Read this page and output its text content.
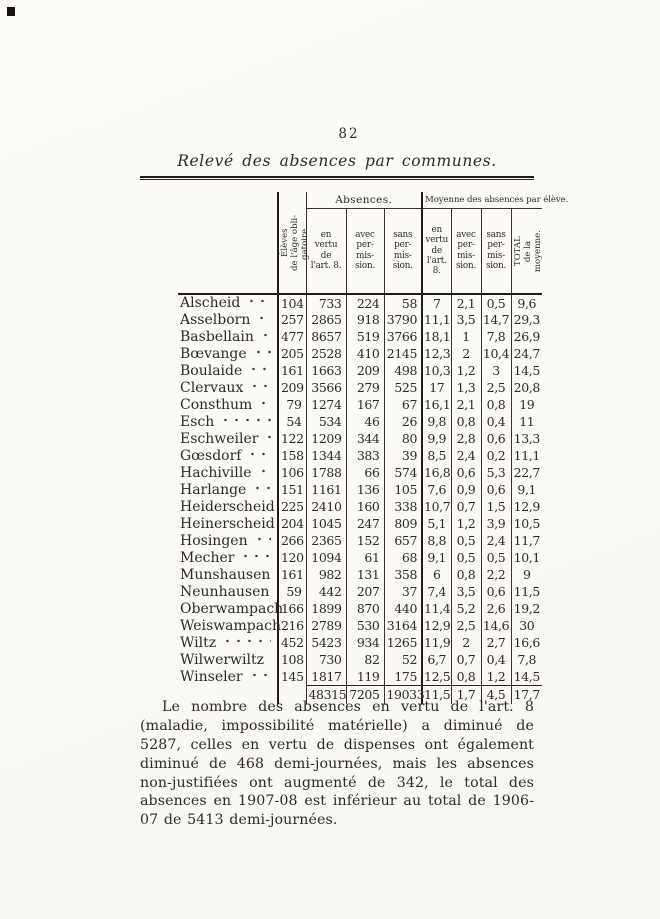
82
Relevé des absences par communes.

	Élèves
de l'âge obli-
gatoire.	Absences.			Moyenne des absences par élève.			
		en
vertu
de
l'art. 8.	avec
per-
mis-
sion.	sans
per-
mis-
sion.	en
vertu
de
l'art. 8.	avec
per-
mis-
sion.	sans
per-
mis-
sion.	TOTAL
de la
moyenne.

Alscheid	104	733	224	58	7	2,1	0,5	9,6

Asselborn	257	2865	918	3790	11,1	3,5	14,7	29,3

Basbellain	477	8657	519	3766	18,1	1	7,8	26,9

Bœvange	205	2528	410	2145	12,3	2	10,4	24,7

Boulaide	161	1663	209	498	10,3	1,2	3	14,5

Clervaux	209	3566	279	525	17	1,3	2,5	20,8

Consthum	79	1274	167	67	16,1	2,1	0,8	19

Esch	54	534	46	26	9,8	0,8	0,4	11

Eschweiler	122	1209	344	80	9,9	2,8	0,6	13,3

Gœsdorf	158	1344	383	39	8,5	2,4	0,2	11,1

Hachiville	106	1788	66	574	16,8	0,6	5,3	22,7

Harlange	151	1161	136	105	7,6	0,9	0,6	9,1

Heiderscheid	225	2410	160	338	10,7	0,7	1,5	12,9

Heinerscheid	204	1045	247	809	5,1	1,2	3,9	10,5

Hosingen	266	2365	152	657	8,8	0,5	2,4	11,7

Mecher	120	1094	61	68	9,1	0,5	0,5	10,1

Munshausen	161	982	131	358	6	0,8	2,2	9

Neunhausen	59	442	207	37	7,4	3,5	0,6	11,5

Oberwampach	166	1899	870	440	11,4	5,2	2,6	19,2

Weiswampach	216	2789	530	3164	12,9	2,5	14,6	30

Wiltz	452	5423	934	1265	11,9	2	2,7	16,6

Wilwerwiltz	108	730	82	52	6,7	0,7	0,4	7,8

Winseler	145	1817	119	175	12,5	0,8	1,2	14,5
		48315	7205	19033	11,5	1,7	4,5	17,7

Le nombre des absences en vertu de l'art. 8 (maladie, impossibilité matérielle) a diminué de 5287, celles en vertu de dispenses ont également diminué de 468 demi-journées, mais les absences non-justifiées ont augmenté de 342, le total des absences en 1907-08 est inférieur au total de 1906-07 de 5413 demi-journées.
